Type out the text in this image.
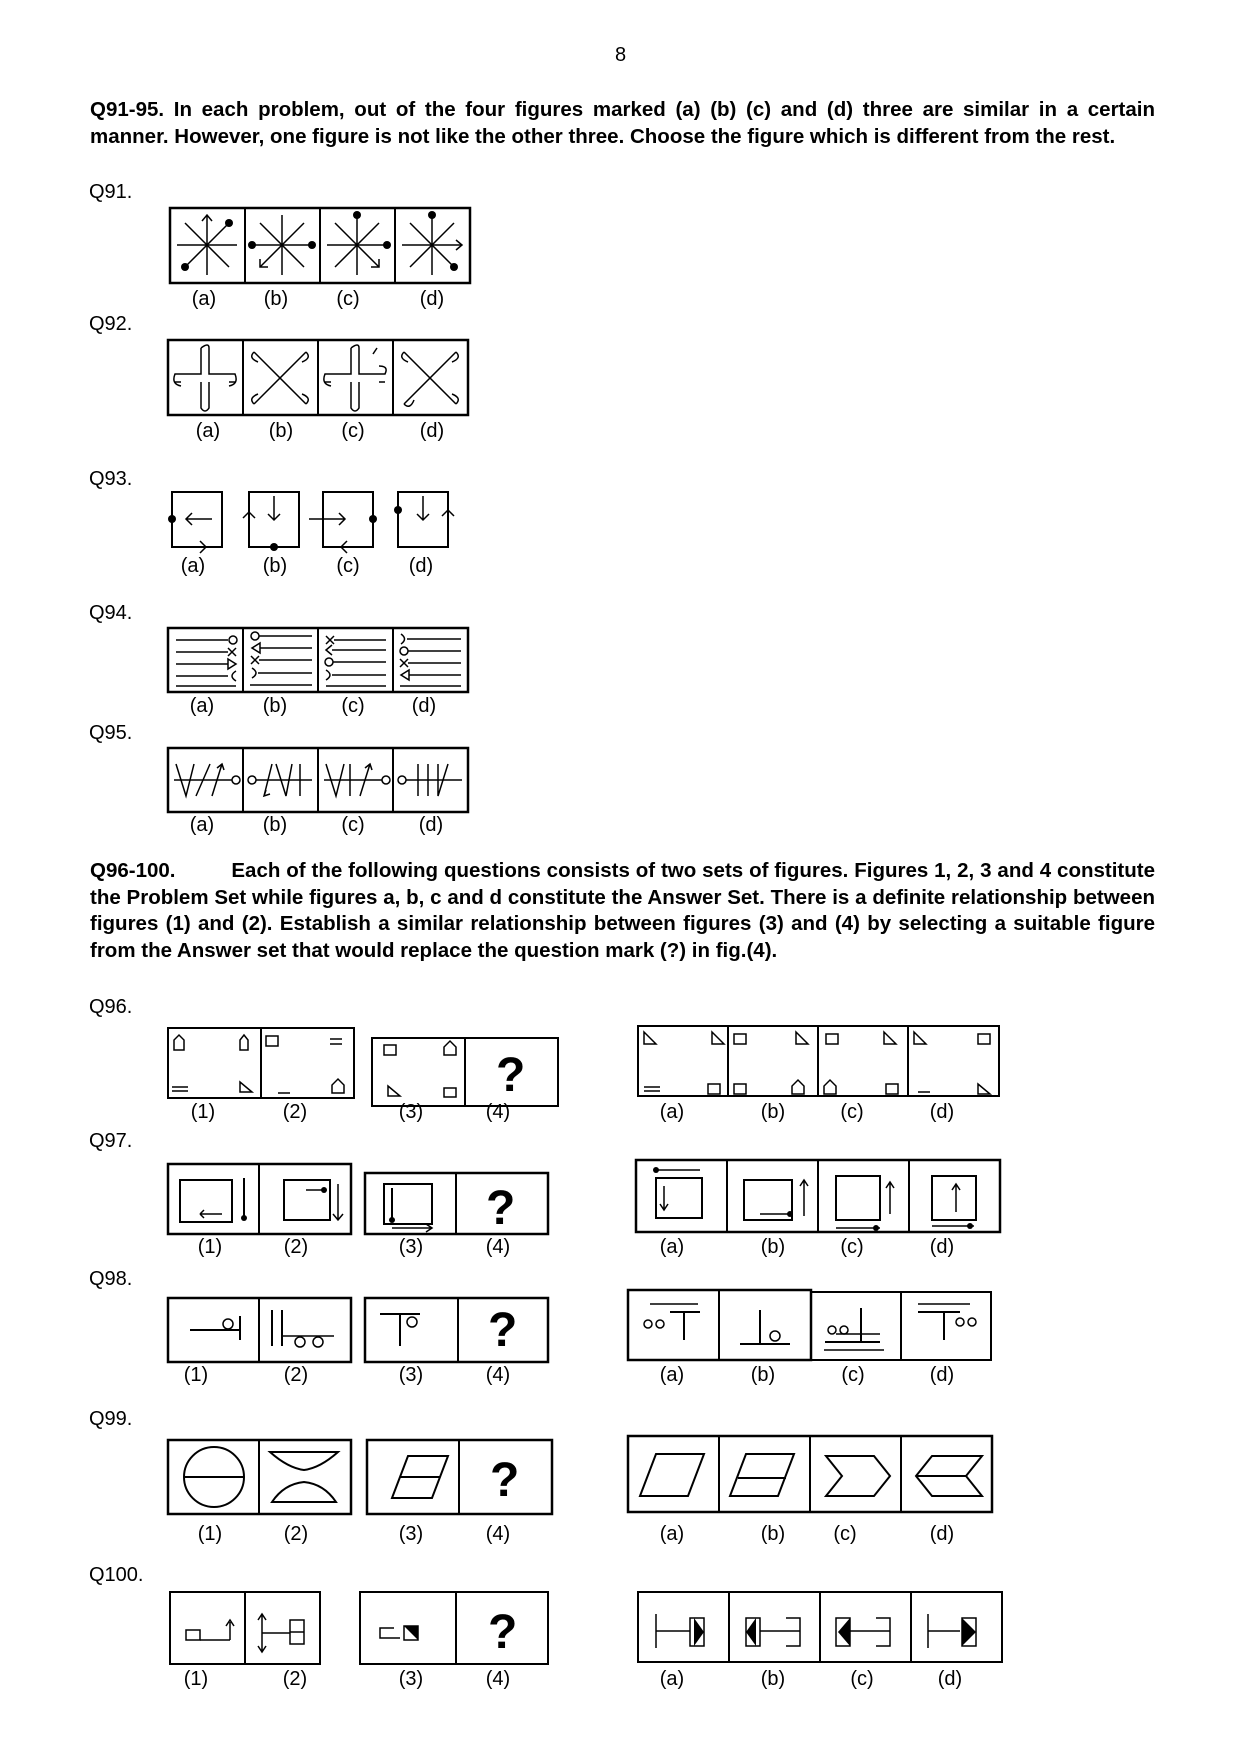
8
Q91-95. In each problem, out of the four figures marked (a) (b) (c) and (d) three are similar in a certain manner. However, one figure is not like the other three. Choose the figure which is different from the rest.
Q91.
(a) (b) (c)	(d)
Q92.
(a) (b) (c)	(d)
Q93.
(a)	(b) (c) (d)
Q94.
(a) (b)	(c) (d)
Q95.
(a) (b)	(c)	(d)
Q96-100.	Each of the following questions consists of two sets of figures. Figures 1, 2, 3 and 4 constitute the Problem Set while figures a, b, c and d constitute the Answer Set. There is a definite relationship between figures (1) and (2). Establish a similar relationship between figures (3) and (4) by selecting a suitable figure from the Answer set that would replace the question mark (?) in fig.(4).
Q96.
?
(1)	(2)	(3)	(4)	(a)	(b)	(c)	(d)
Q97.
?
(1)	(2)	(3)	(4)	(a)	(b)	(c)	(d)
Q98.
?
(1)	(2)	(3)	(4)	(a)	(b)	(c)	(d)
Q99.
?
(1)	(2)	(3)	(4)	(a)	(b) (c)	(d)
Q100.
?
(1)	(2)	(3)	(4)	(a)	(b)	(c)	(d)
